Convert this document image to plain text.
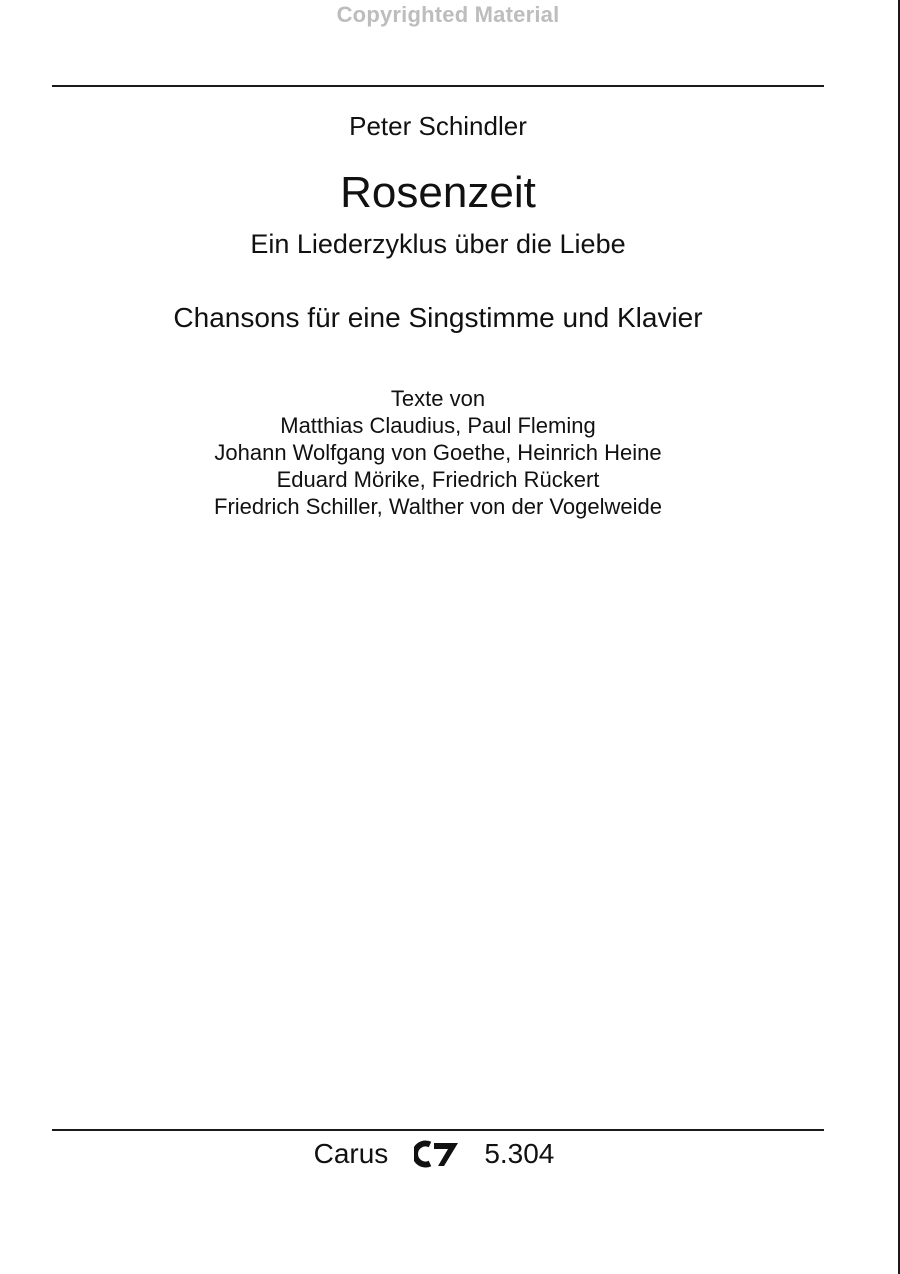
Copyrighted Material
Peter Schindler
Rosenzeit
Ein Liederzyklus über die Liebe
Chansons für eine Singstimme und Klavier
Texte von
Matthias Claudius, Paul Fleming
Johann Wolfgang von Goethe, Heinrich Heine
Eduard Mörike, Friedrich Rückert
Friedrich Schiller, Walther von der Vogelweide
Carus	5.304
